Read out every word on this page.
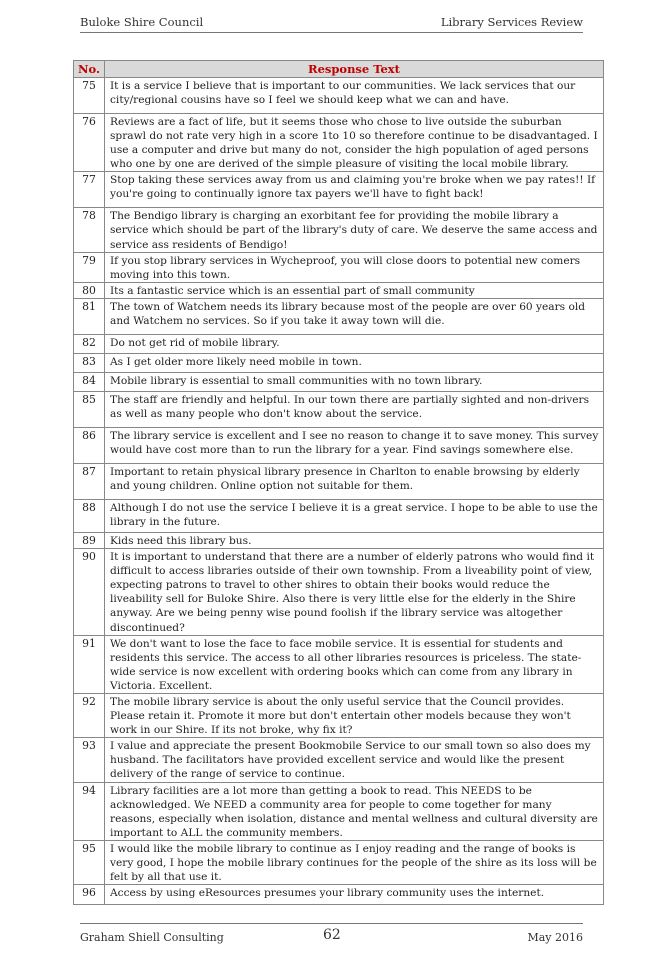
Buloke Shire Council	Library Services Review
No.	Response Text
75	It is a service I believe that is important to our communities. We lack services that our city/regional cousins have so I feel we should keep what we can and have.
76	Reviews are a fact of life, but it seems those who chose to live outside the suburban sprawl do not rate very high in a score 1to 10 so therefore continue to be disadvantaged. I use a computer and drive but many do not, consider the high population of aged persons who one by one are derived of the simple pleasure of visiting the local mobile library.
77	Stop taking these services away from us and claiming you're broke when we pay rates!! If you're going to continually ignore tax payers we'll have to fight back!
78	The Bendigo library is charging an exorbitant fee for providing the mobile library a service which should be part of the library's duty of care. We deserve the same access and service ass residents of Bendigo!
79	If you stop library services in Wycheproof, you will close doors to potential new comers moving into this town.
80	Its a fantastic service which is an essential part of small community
81	The town of Watchem needs its library because most of the people are over 60 years old and Watchem no services. So if you take it away town will die.
82	Do not get rid of mobile library.
83	As I get older more likely need mobile in town.
84	Mobile library is essential to small communities with no town library.
85	The staff are friendly and helpful. In our town there are partially sighted and non-drivers as well as many people who don't know about the service.
86	The library service is excellent and I see no reason to change it to save money. This survey would have cost more than to run the library for a year. Find savings somewhere else.
87	Important to retain physical library presence in Charlton to enable browsing by elderly and young children. Online option not suitable for them.
88	Although I do not use the service I believe it is a great service. I hope to be able to use the library in the future.
89	Kids need this library bus.
90	It is important to understand that there are a number of elderly patrons who would find it difficult to access libraries outside of their own township. From a liveability point of view, expecting patrons to travel to other shires to obtain their books would reduce the liveability sell for Buloke Shire. Also there is very little else for the elderly in the Shire anyway. Are we being penny wise pound foolish if the library service was altogether discontinued?
91	We don't want to lose the face to face mobile service. It is essential for students and residents this service. The access to all other libraries resources is priceless. The state-wide service is now excellent with ordering books which can come from any library in Victoria. Excellent.
92	The mobile library service is about the only useful service that the Council provides. Please retain it. Promote it more but don't entertain other models because they won't work in our Shire. If its not broke, why fix it?
93	I value and appreciate the present Bookmobile Service to our small town so also does my husband. The facilitators have provided excellent service and would like the present delivery of the range of service to continue.
94	Library facilities are a lot more than getting a book to read. This NEEDS to be acknowledged. We NEED a community area for people to come together for many reasons, especially when isolation, distance and mental wellness and cultural diversity are important to ALL the community members.
95	I would like the mobile library to continue as I enjoy reading and the range of books is very good, I hope the mobile library continues for the people of the shire as its loss will be felt by all that use it.
96	Access by using eResources presumes your library community uses the internet.
Graham Shiell Consulting	62	May 2016
